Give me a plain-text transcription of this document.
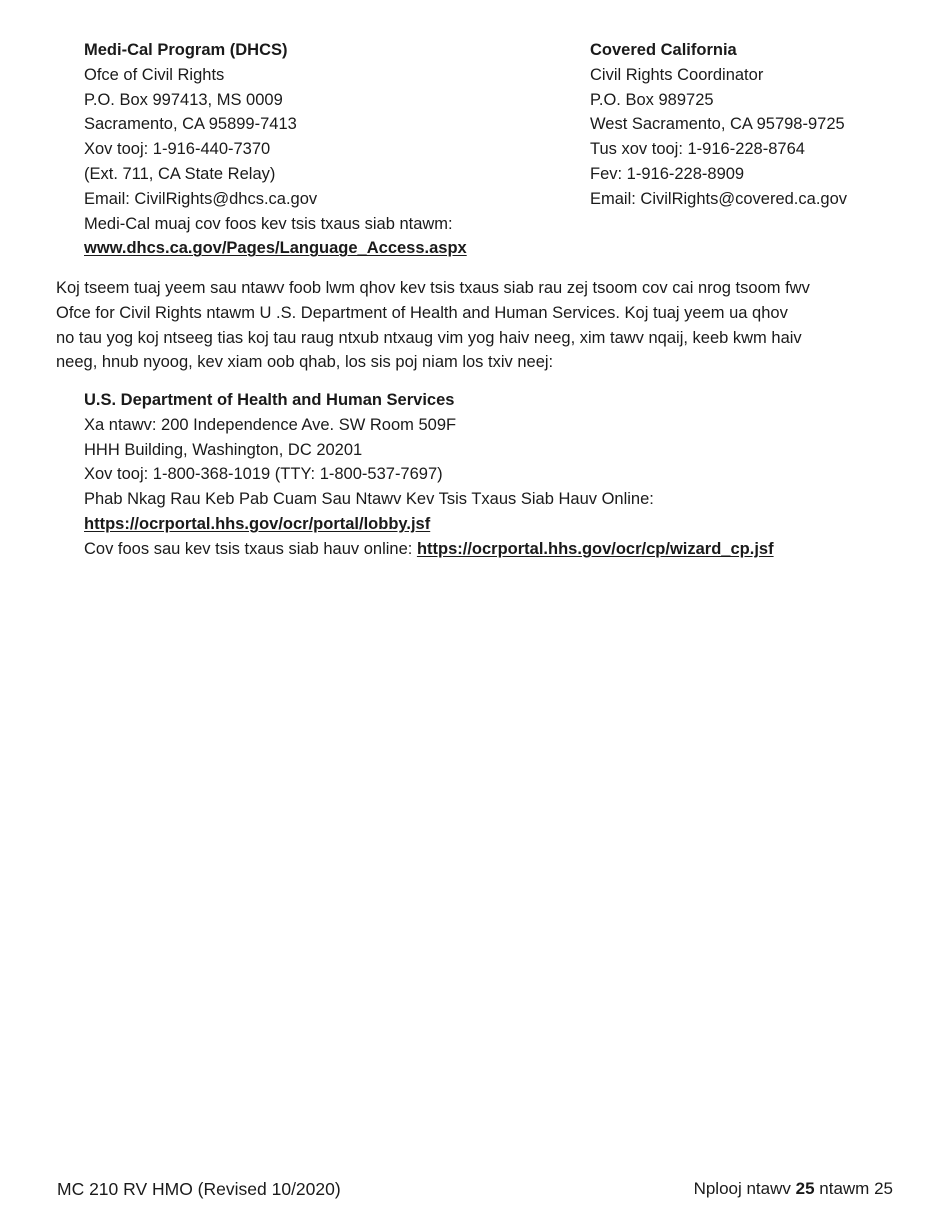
Medi-Cal Program (DHCS)
Ofce of Civil Rights
P.O. Box 997413, MS 0009
Sacramento, CA 95899-7413
Xov tooj: 1-916-440-7370
(Ext. 711, CA State Relay)
Email: CivilRights@dhcs.ca.gov
Medi-Cal muaj cov foos kev tsis txaus siab ntawm:
www.dhcs.ca.gov/Pages/Language_Access.aspx
Covered California
Civil Rights Coordinator
P.O. Box 989725
West Sacramento, CA 95798-9725
Tus xov tooj: 1-916-228-8764
Fev: 1-916-228-8909
Email: CivilRights@covered.ca.gov
Koj tseem tuaj yeem sau ntawv foob lwm qhov kev tsis txaus siab rau zej tsoom cov cai nrog tsoom fwv
Ofce for Civil Rights ntawm U .S. Department of Health and Human Services. Koj tuaj yeem ua qhov
no tau yog koj ntseeg tias koj tau raug ntxub ntxaug vim yog haiv neeg, xim tawv nqaij, keeb kwm haiv
neeg, hnub nyoog, kev xiam oob qhab, los sis poj niam los txiv neej:
U.S. Department of Health and Human Services
Xa ntawv: 200 Independence Ave. SW Room 509F
HHH Building, Washington, DC 20201
Xov tooj: 1-800-368-1019 (TTY: 1-800-537-7697)
Phab Nkag Rau Keb Pab Cuam Sau Ntawv Kev Tsis Txaus Siab Hauv Online:
https://ocrportal.hhs.gov/ocr/portal/lobby.jsf
Cov foos sau kev tsis txaus siab hauv online: https://ocrportal.hhs.gov/ocr/cp/wizard_cp.jsf
MC 210 RV HMO (Revised 10/2020)	Nplooj ntawv 25 ntawm 25
